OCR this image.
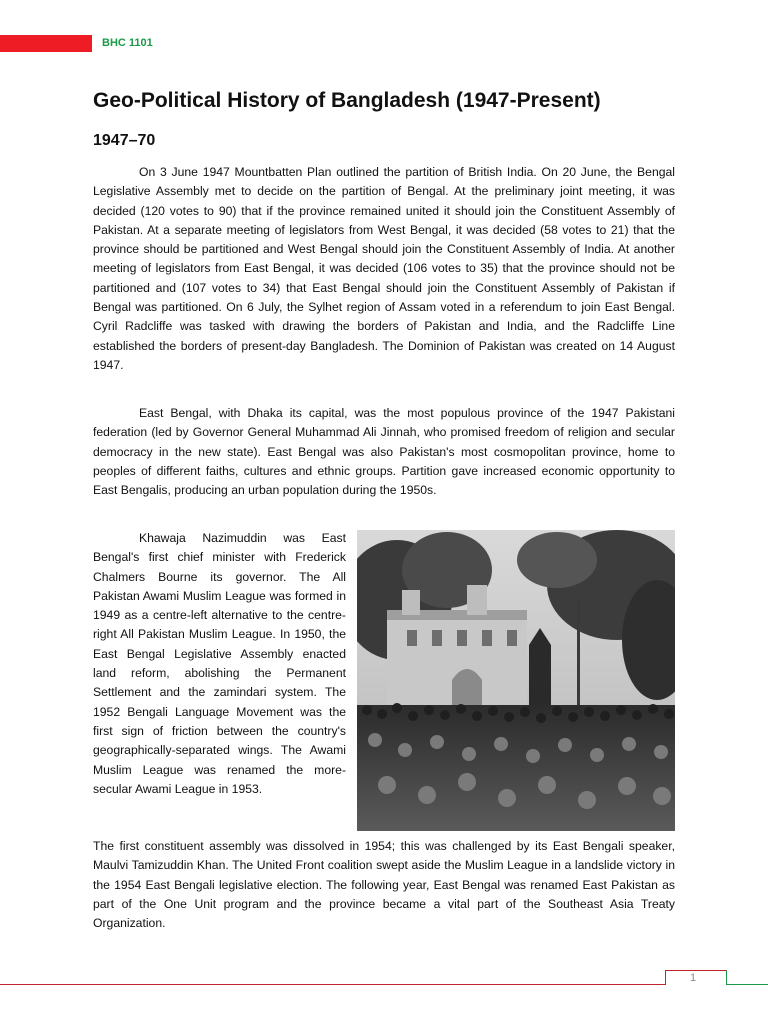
BHC 1101
Geo-Political History of Bangladesh (1947-Present)
1947–70

On 3 June 1947 Mountbatten Plan outlined the partition of British India. On 20 June, the Bengal Legislative Assembly met to decide on the partition of Bengal. At the preliminary joint meeting, it was decided (120 votes to 90) that if the province remained united it should join the Constituent Assembly of Pakistan. At a separate meeting of legislators from West Bengal, it was decided (58 votes to 21) that the province should be partitioned and West Bengal should join the Constituent Assembly of India. At another meeting of legislators from East Bengal, it was decided (106 votes to 35) that the province should not be partitioned and (107 votes to 34) that East Bengal should join the Constituent Assembly of Pakistan if Bengal was partitioned. On 6 July, the Sylhet region of Assam voted in a referendum to join East Bengal. Cyril Radcliffe was tasked with drawing the borders of Pakistan and India, and the Radcliffe Line established the borders of present-day Bangladesh. The Dominion of Pakistan was created on 14 August 1947.

East Bengal, with Dhaka its capital, was the most populous province of the 1947 Pakistani federation (led by Governor General Muhammad Ali Jinnah, who promised freedom of religion and secular democracy in the new state). East Bengal was also Pakistan's most cosmopolitan province, home to peoples of different faiths, cultures and ethnic groups. Partition gave increased economic opportunity to East Bengalis, producing an urban population during the 1950s.

Khawaja Nazimuddin was East Bengal's first chief minister with Frederick Chalmers Bourne its governor. The All Pakistan Awami Muslim League was formed in 1949 as a centre-left alternative to the centre-right All Pakistan Muslim League. In 1950, the East Bengal Legislative Assembly enacted land reform, abolishing the Permanent Settlement and the zamindari system. The 1952 Bengali Language Movement was the first sign of friction between the country's geographically-separated wings. The Awami Muslim League was renamed the more-secular Awami League in 1953.

The first constituent assembly was dissolved in 1954; this was challenged by its East Bengali speaker, Maulvi Tamizuddin Khan. The United Front coalition swept aside the Muslim League in a landslide victory in the 1954 East Bengali legislative election. The following year, East Bengal was renamed East Pakistan as part of the One Unit program and the province became a vital part of the Southeast Asia Treaty Organization.

1
